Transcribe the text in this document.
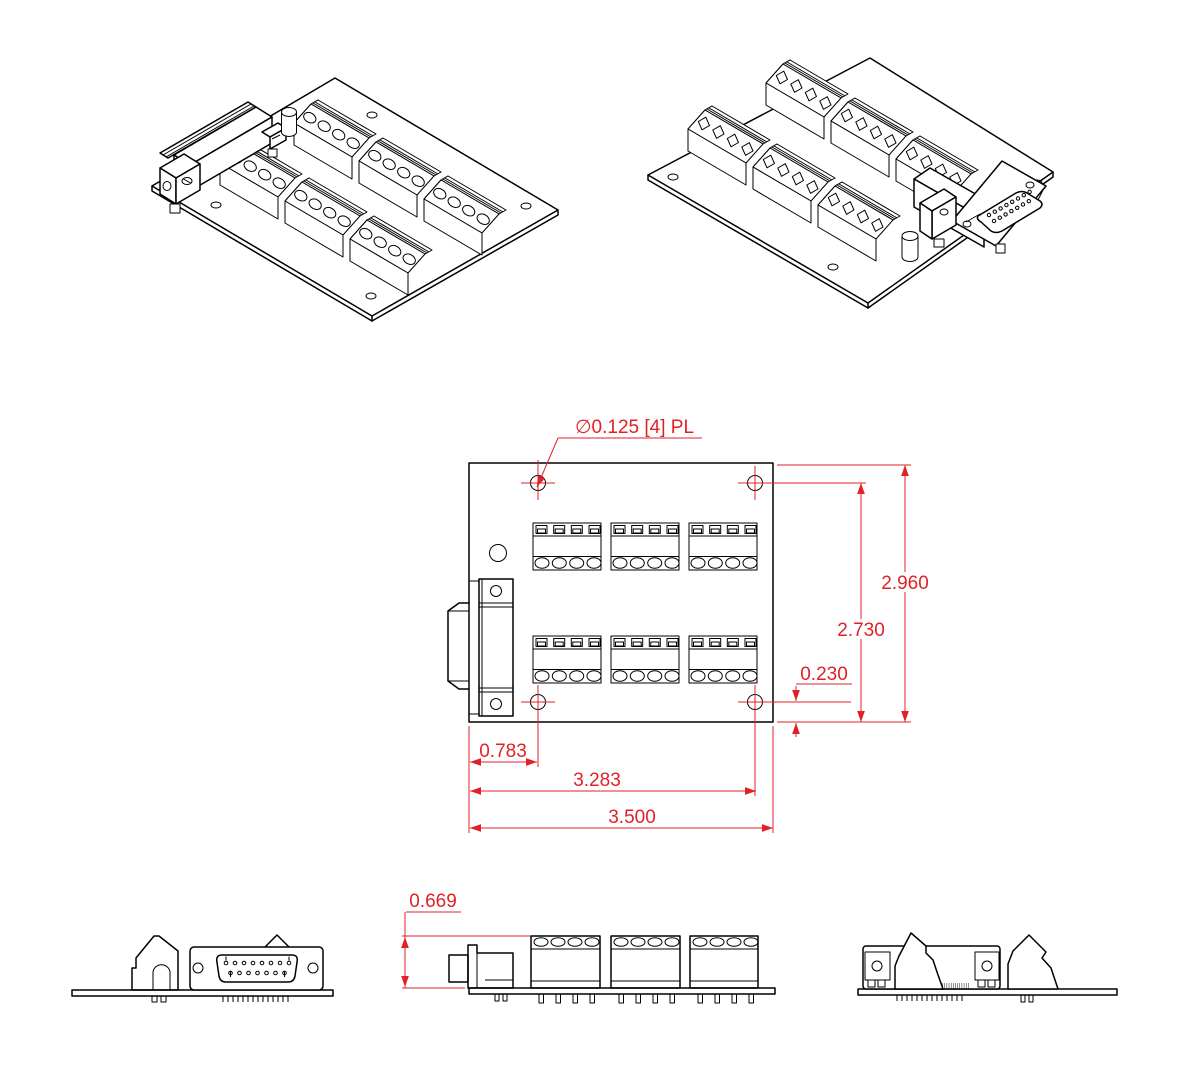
∅0.125 [4] PL
2.960
2.730
0.230
0.783
3.283
3.500
0.669
